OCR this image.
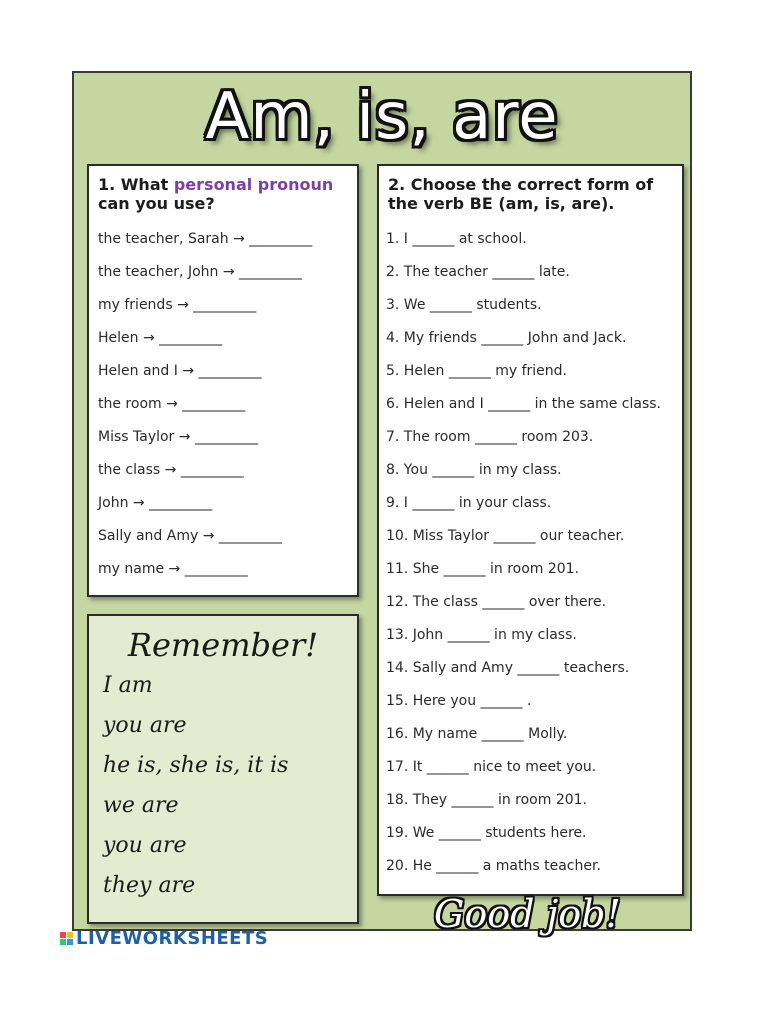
Am, is, are
1. What personal pronoun
can you use?
the teacher, Sarah → _________
the teacher, John → _________
my friends → _________
Helen → _________
Helen and I → _________
the room → _________
Miss Taylor → _________
the class → _________
John → _________
Sally and Amy → _________
my name → _________
2. Choose the correct form of
the verb BE (am, is, are).
1. I ______ at school.
2. The teacher ______ late.
3. We ______ students.
4. My friends ______ John and Jack.
5. Helen ______ my friend.
6. Helen and I ______ in the same class.
7. The room ______ room 203.
8. You ______ in my class.
9. I ______ in your class.
10. Miss Taylor ______ our teacher.
11. She ______ in room 201.
12. The class ______ over there.
13. John ______ in my class.
14. Sally and Amy ______ teachers.
15. Here you ______ .
16. My name ______ Molly.
17. It ______ nice to meet you.
18. They ______ in room 201.
19. We ______ students here.
20. He ______ a maths teacher.
Remember!
I am
you are
he is, she is, it is
we are
you are
they are
Good job!
LIVEWORKSHEETS
